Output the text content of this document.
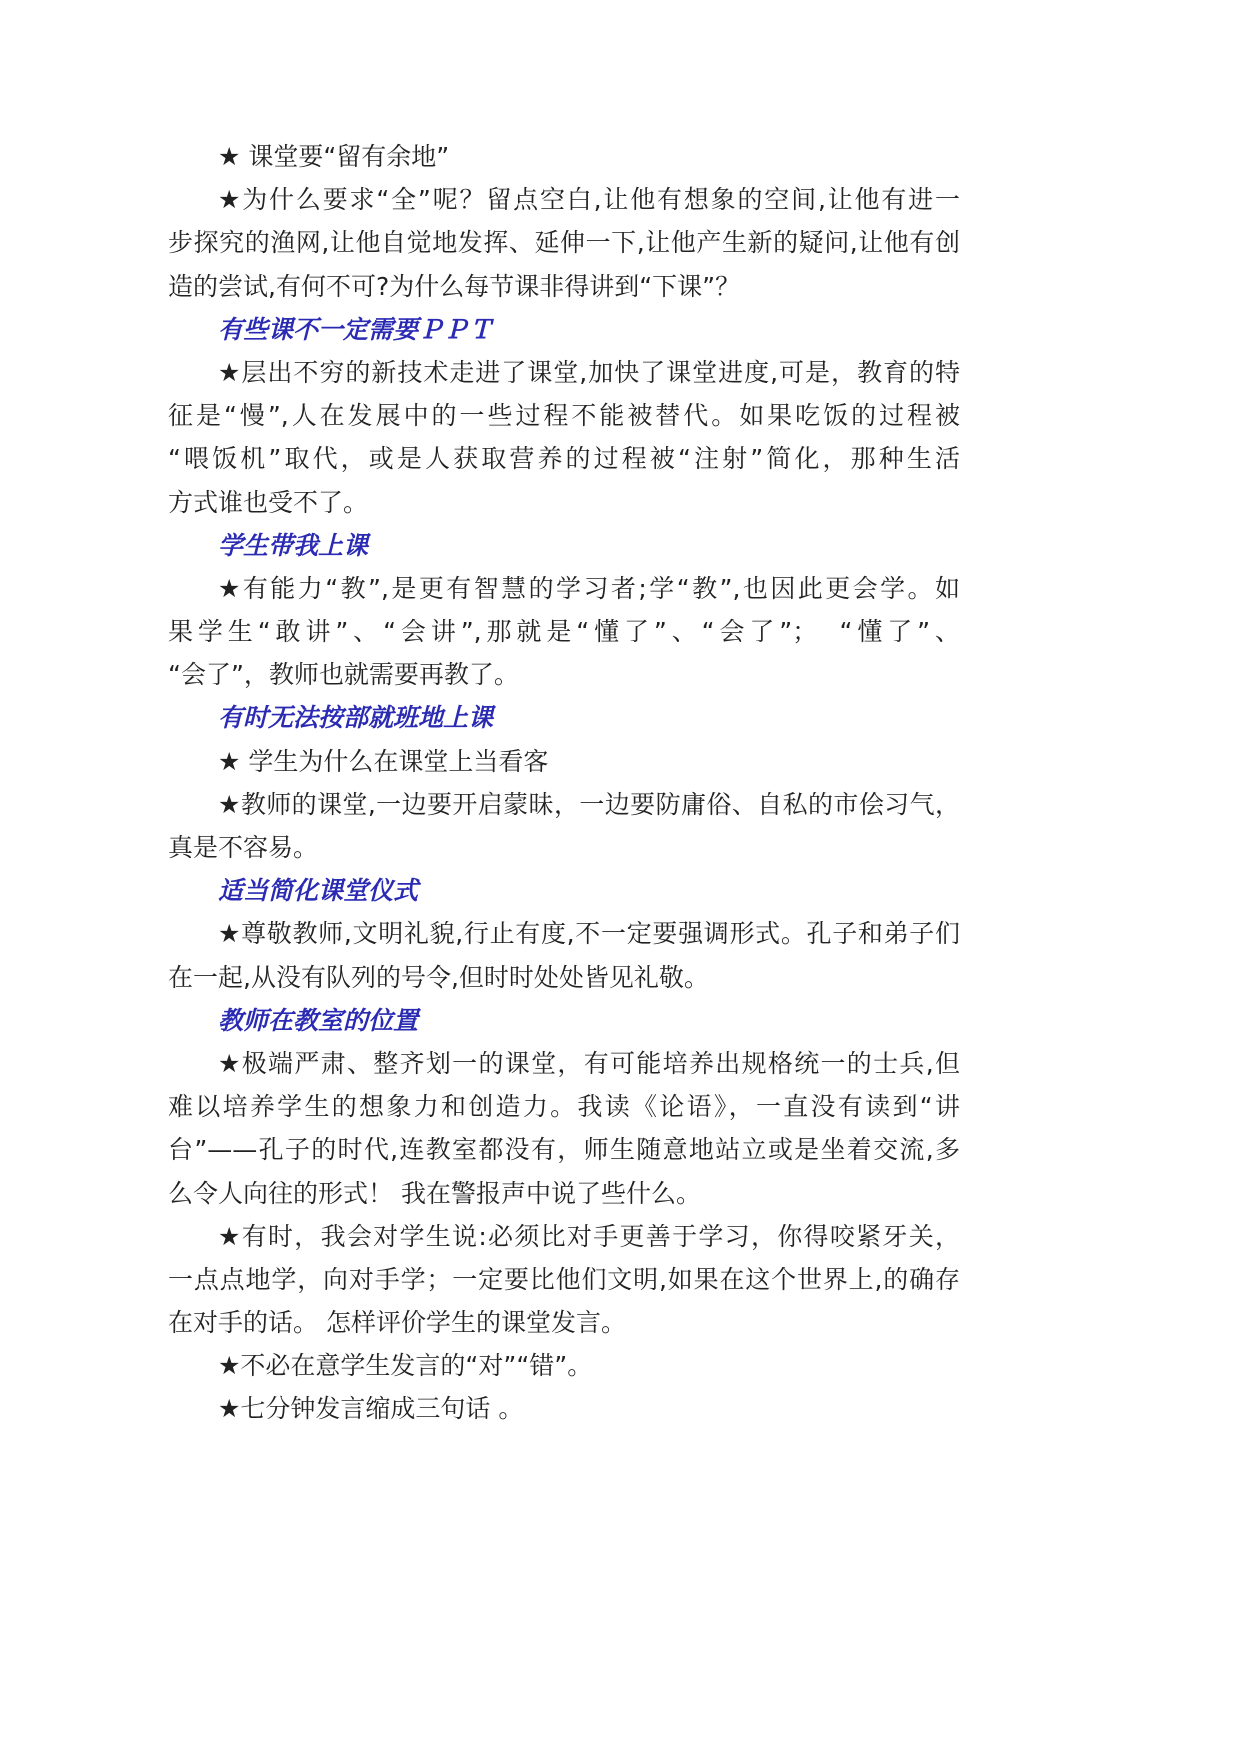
★ 课堂要“留有余地”
★为什么要求“全”呢？留点空白,让他有想象的空间,让他有进一
步探究的渔网,让他自觉地发挥、延伸一下,让他产生新的疑问,让他有创
造的尝试,有何不可?为什么每节课非得讲到“下课”？
有些课不一定需要ＰＰＴ
★层出不穷的新技术走进了课堂,加快了课堂进度,可是，教育的特
征是“慢”,人在发展中的一些过程不能被替代。如果吃饭的过程被
“喂饭机”取代，或是人获取营养的过程被“注射”简化，那种生活
方式谁也受不了。
学生带我上课
★有能力“教”,是更有智慧的学习者;学“教”,也因此更会学。如
果学生“敢讲”、“会讲”,那就是“懂了”、“会了”；　“懂了”、
“会了”，教师也就需要再教了。
有时无法按部就班地上课
★ 学生为什么在课堂上当看客
★教师的课堂,一边要开启蒙昧，一边要防庸俗、自私的市侩习气，
真是不容易。
适当简化课堂仪式
★尊敬教师,文明礼貌,行止有度,不一定要强调形式。孔子和弟子们
在一起,从没有队列的号令,但时时处处皆见礼敬。
教师在教室的位置
★极端严肃、整齐划一的课堂，有可能培养出规格统一的士兵,但
难以培养学生的想象力和创造力。我读《论语》，一直没有读到“讲
台”——孔子的时代,连教室都没有，师生随意地站立或是坐着交流,多
么令人向往的形式！ 我在警报声中说了些什么。
★有时，我会对学生说:必须比对手更善于学习，你得咬紧牙关，
一点点地学，向对手学；一定要比他们文明,如果在这个世界上,的确存
在对手的话。 怎样评价学生的课堂发言。
★不必在意学生发言的“对”“错”。
★七分钟发言缩成三句话 。
